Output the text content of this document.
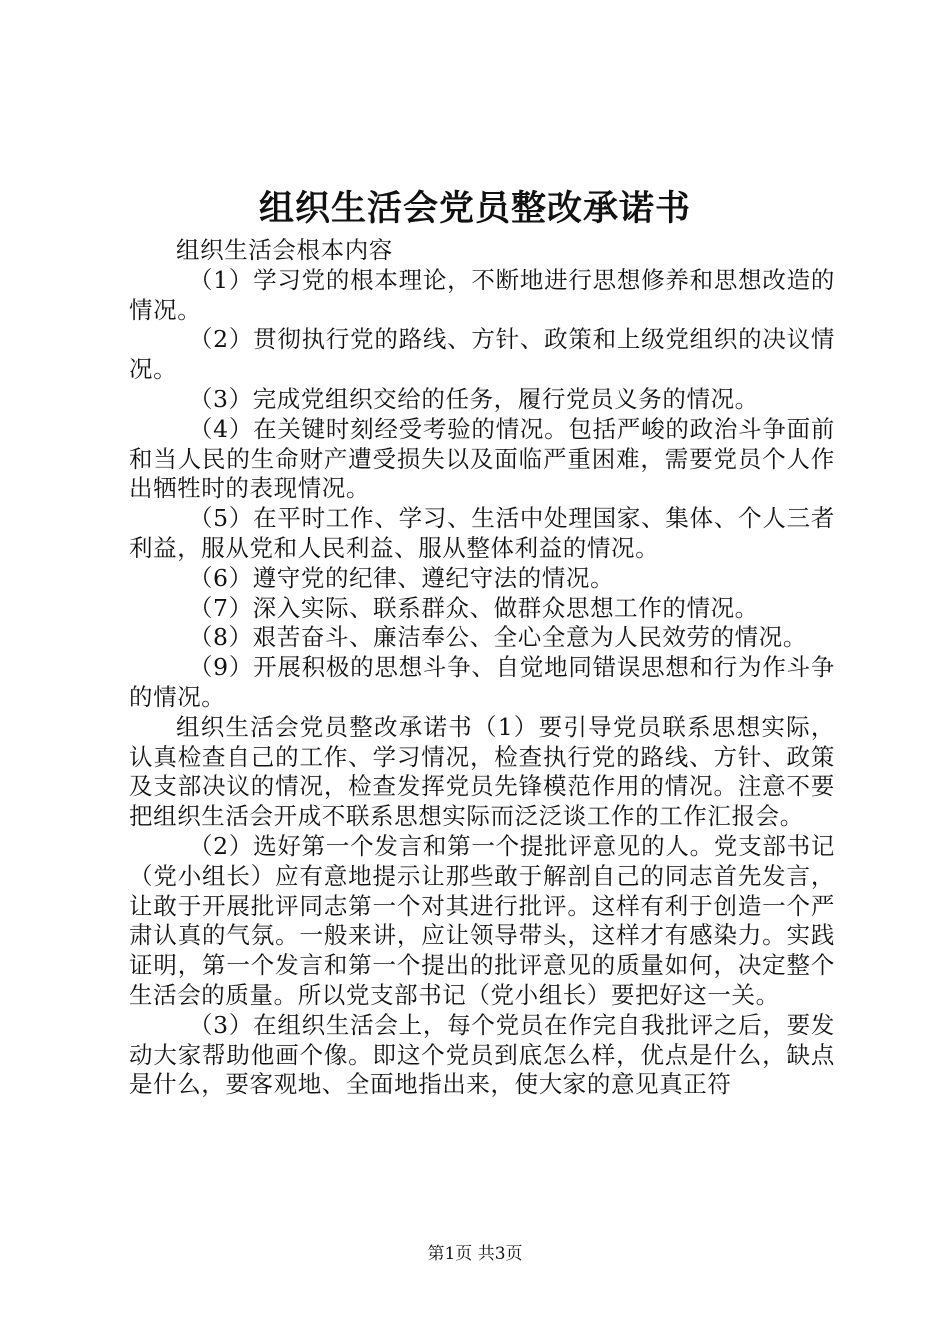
组织生活会党员整改承诺书

组织生活会根本内容

（1）学习党的根本理论，不断地进行思想修养和思想改造的情况。

（2）贯彻执行党的路线、方针、政策和上级党组织的决议情况。

（3）完成党组织交给的任务，履行党员义务的情况。

（4）在关键时刻经受考验的情况。包括严峻的政治斗争面前和当人民的生命财产遭受损失以及面临严重困难，需要党员个人作出牺牲时的表现情况。

（5）在平时工作、学习、生活中处理国家、集体、个人三者利益，服从党和人民利益、服从整体利益的情况。

（6）遵守党的纪律、遵纪守法的情况。

（7）深入实际、联系群众、做群众思想工作的情况。

（8）艰苦奋斗、廉洁奉公、全心全意为人民效劳的情况。

（9）开展积极的思想斗争、自觉地同错误思想和行为作斗争的情况。

组织生活会党员整改承诺书（1）要引导党员联系思想实际，认真检查自己的工作、学习情况，检查执行党的路线、方针、政策及支部决议的情况，检查发挥党员先锋模范作用的情况。注意不要把组织生活会开成不联系思想实际而泛泛谈工作的工作汇报会。

（2）选好第一个发言和第一个提批评意见的人。党支部书记（党小组长）应有意地提示让那些敢于解剖自己的同志首先发言，让敢于开展批评同志第一个对其进行批评。这样有利于创造一个严肃认真的气氛。一般来讲，应让领导带头，这样才有感染力。实践证明，第一个发言和第一个提出的批评意见的质量如何，决定整个生活会的质量。所以党支部书记（党小组长）要把好这一关。

（3）在组织生活会上，每个党员在作完自我批评之后，要发动大家帮助他画个像。即这个党员到底怎么样，优点是什么，缺点是什么，要客观地、全面地指出来，使大家的意见真正符

第1页 共3页
